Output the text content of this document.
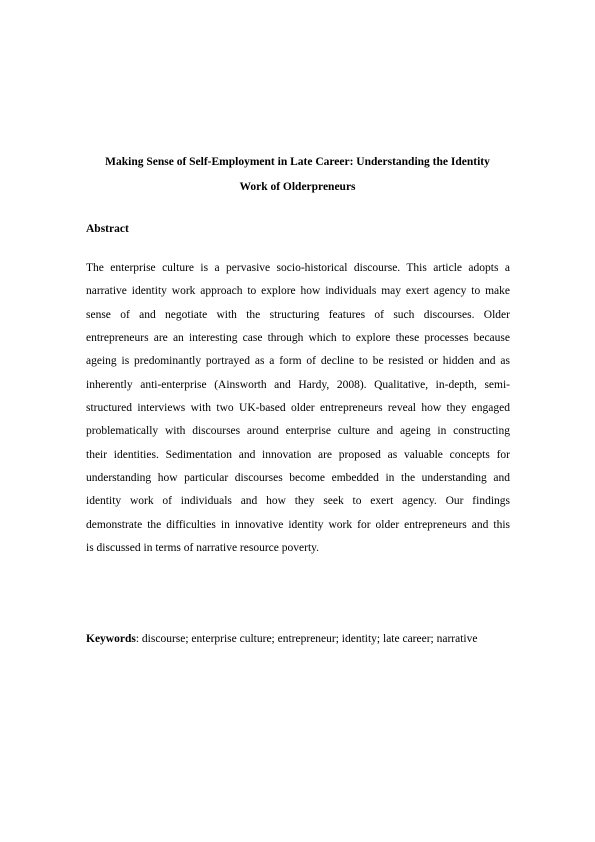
Making Sense of Self-Employment in Late Career: Understanding the Identity
Work of Olderpreneurs
Abstract
The enterprise culture is a pervasive socio-historical discourse. This article adopts a
narrative identity work approach to explore how individuals may exert agency to make
sense of and negotiate with the structuring features of such discourses. Older
entrepreneurs are an interesting case through which to explore these processes because
ageing is predominantly portrayed as a form of decline to be resisted or hidden and as
inherently anti-enterprise (Ainsworth and Hardy, 2008). Qualitative, in-depth, semi-
structured interviews with two UK-based older entrepreneurs reveal how they engaged
problematically with discourses around enterprise culture and ageing in constructing
their identities. Sedimentation and innovation are proposed as valuable concepts for
understanding how particular discourses become embedded in the understanding and
identity work of individuals and how they seek to exert agency. Our findings
demonstrate the difficulties in innovative identity work for older entrepreneurs and this
is discussed in terms of narrative resource poverty.

Keywords: discourse; enterprise culture; entrepreneur; identity; late career; narrative
